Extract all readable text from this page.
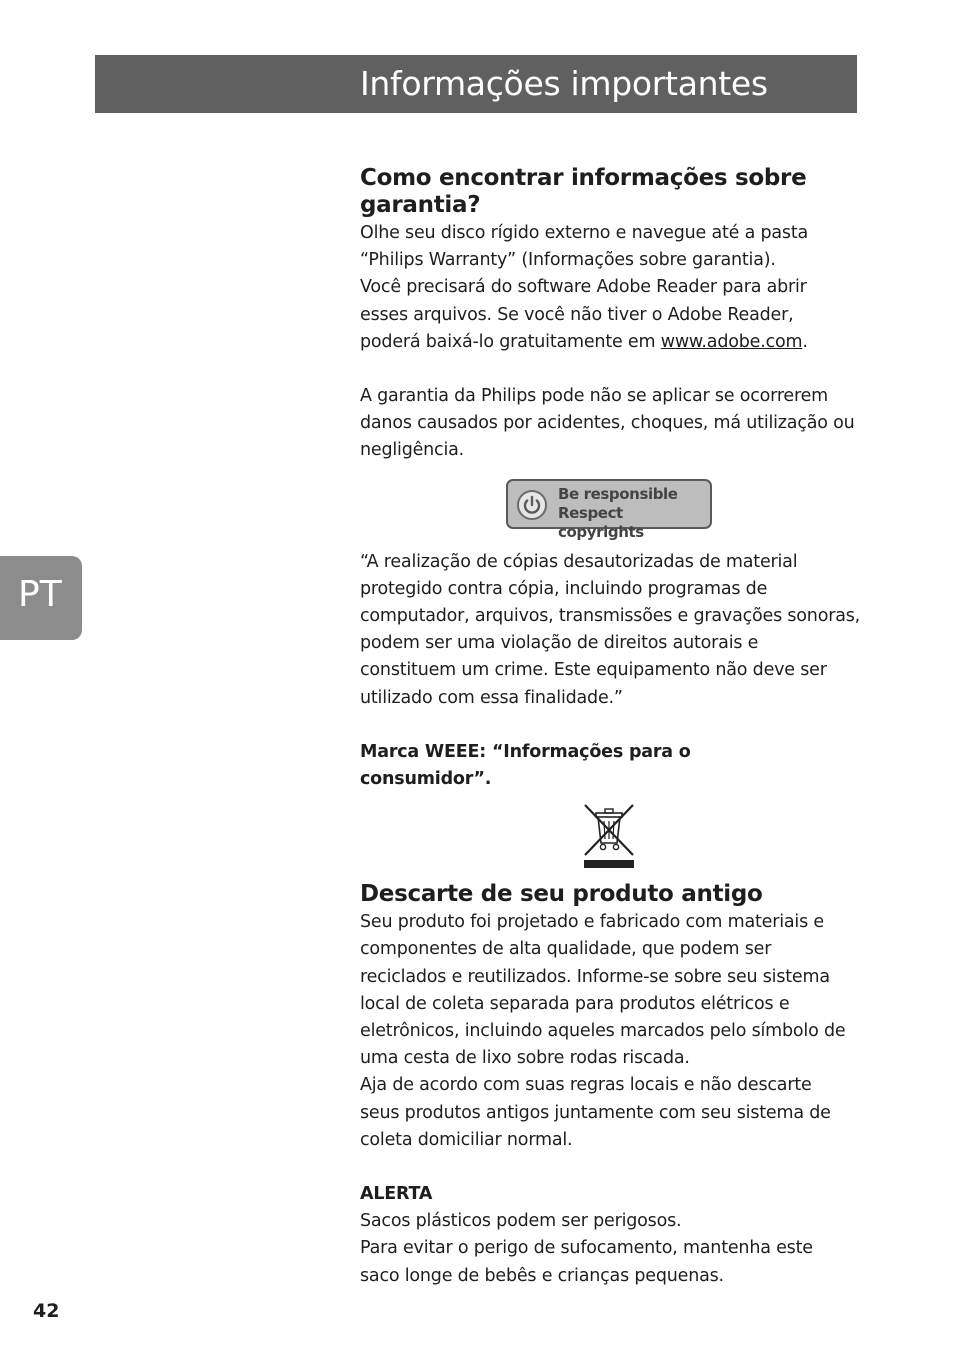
Informações importantes
PT
Como encontrar informações sobre garantia?

Olhe seu disco rígido externo e navegue até a pasta
“Philips Warranty” (Informações sobre garantia).
Você precisará do software Adobe Reader para abrir
esses arquivos. Se você não tiver o Adobe Reader,
poderá baixá-lo gratuitamente em www.adobe.com.

A garantia da Philips pode não se aplicar se ocorrerem
danos causados por acidentes, choques, má utilização ou
negligência.

Be responsible
Respect copyrights

“A realização de cópias desautorizadas de material
protegido contra cópia, incluindo programas de
computador, arquivos, transmissões e gravações sonoras,
podem ser uma violação de direitos autorais e
constituem um crime. Este equipamento não deve ser
utilizado com essa finalidade.”

Marca WEEE: “Informações para o
consumidor”.

Descarte de seu produto antigo

Seu produto foi projetado e fabricado com materiais e
componentes de alta qualidade, que podem ser
reciclados e reutilizados. Informe-se sobre seu sistema
local de coleta separada para produtos elétricos e
eletrônicos, incluindo aqueles marcados pelo símbolo de
uma cesta de lixo sobre rodas riscada.
Aja de acordo com suas regras locais e não descarte
seus produtos antigos juntamente com seu sistema de
coleta domiciliar normal.

ALERTA

Sacos plásticos podem ser perigosos.
Para evitar o perigo de sufocamento, mantenha este
saco longe de bebês e crianças pequenas.

42
